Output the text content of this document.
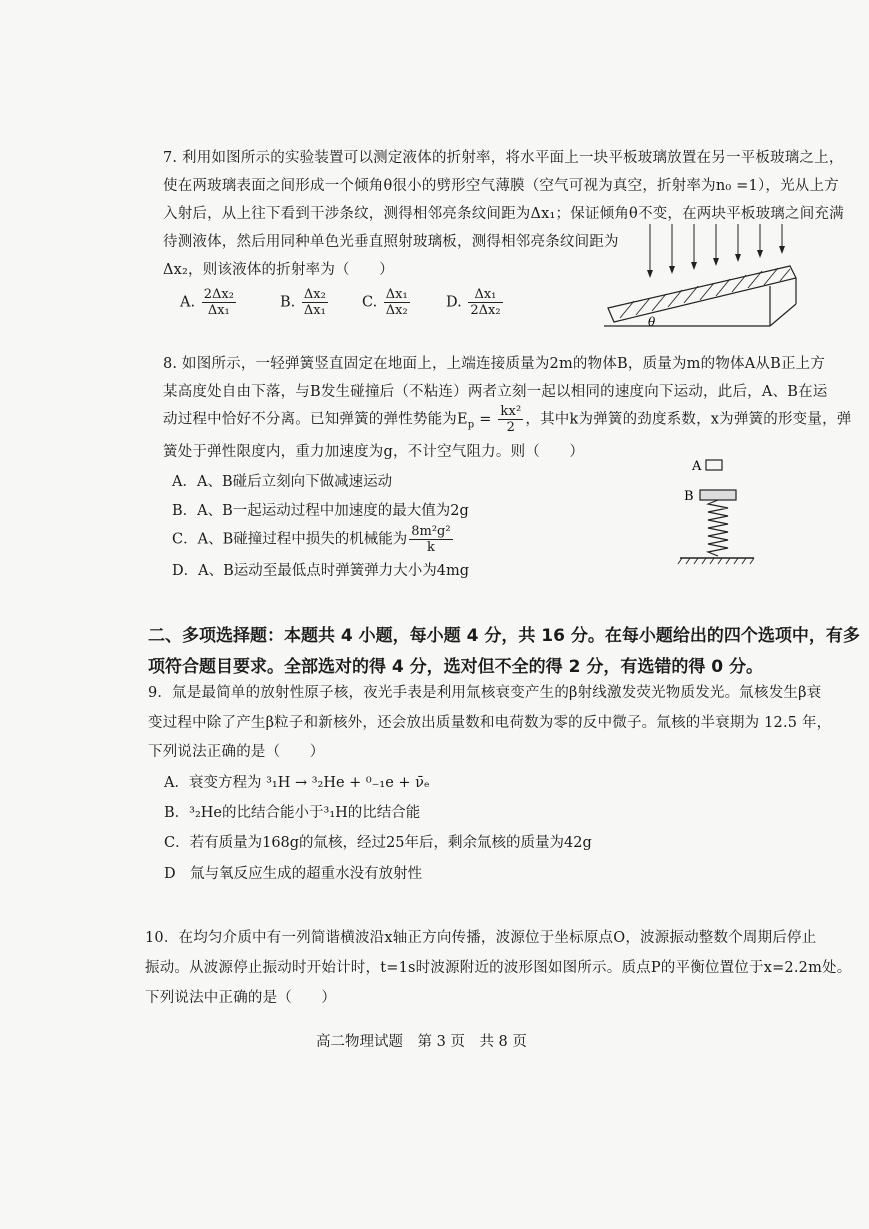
7. 利用如图所示的实验装置可以测定液体的折射率，将水平面上一块平板玻璃放置在另一平板玻璃之上，
使在两玻璃表面之间形成一个倾角θ很小的劈形空气薄膜（空气可视为真空，折射率为n₀ =1），光从上方
入射后，从上往下看到干涉条纹，测得相邻亮条纹间距为Δx₁；保证倾角θ不变，在两块平板玻璃之间充满
待测液体，然后用同种单色光垂直照射玻璃板，测得相邻亮条纹间距为
Δx₂，则该液体的折射率为（　　）
A. $\frac{\text{2Δx₂}}{\text{Δx₁}}$	B. $\frac{\text{Δx₂}}{\text{Δx₁}} C$. $\frac{\text{Δx₁}}{\text{Δx₂}}$	D. $\frac{\text{Δx₁}}{\text{2Δx₂}}$
θ
8. 如图所示，一轻弹簧竖直固定在地面上，上端连接质量为2m的物体B，质量为m的物体A从B正上方
某高度处自由下落，与B发生碰撞后（不粘连）两者立刻一起以相同的速度向下运动，此后，A、B在运
动过程中恰好不分离。已知弹簧的弹性势能为$E_p = \frac{\text{kx²}}{2}$ ，其中k为弹簧的劲度系数，x为弹簧的形变量，弹
簧处于弹性限度内，重力加速度为g，不计空气阻力。则（　　）
A．A、B碰后立刻向下做减速运动
B．A、B一起运动过程中加速度的最大值为2g
C．A、B碰撞过程中损失的机械能为 $\frac{\text{8m²g²}}{k}$
D．A、B运动至最低点时弹簧弹力大小为4mg
A
B
二、多项选择题：本题共 4 小题，每小题 4 分，共 16 分。在每小题给出的四个选项中，有多
项符合题目要求。全部选对的得 4 分，选对但不全的得 2 分，有选错的得 0 分。
9．氚是最简单的放射性原子核，夜光手表是利用氚核衰变产生的β射线激发荧光物质发光。氚核发生β衰
变过程中除了产生β粒子和新核外，还会放出质量数和电荷数为零的反中微子。氚核的半衰期为 12.5 年，
下列说法正确的是（　　）
A．衰变方程为 ³₁H → ³₂He + ⁰₋₁e + ν̄ₑ
B．³₂He的比结合能小于³₁H的比结合能
C．若有质量为168g的氚核，经过25年后，剩余氚核的质量为42g
D　氚与氧反应生成的超重水没有放射性
10．在均匀介质中有一列简谐横波沿x轴正方向传播，波源位于坐标原点O，波源振动整数个周期后停止
振动。从波源停止振动时开始计时，t=1s时波源附近的波形图如图所示。质点P的平衡位置位于x=2.2m处。
下列说法中正确的是（　　）
高二物理试题　第 3 页　共 8 页
